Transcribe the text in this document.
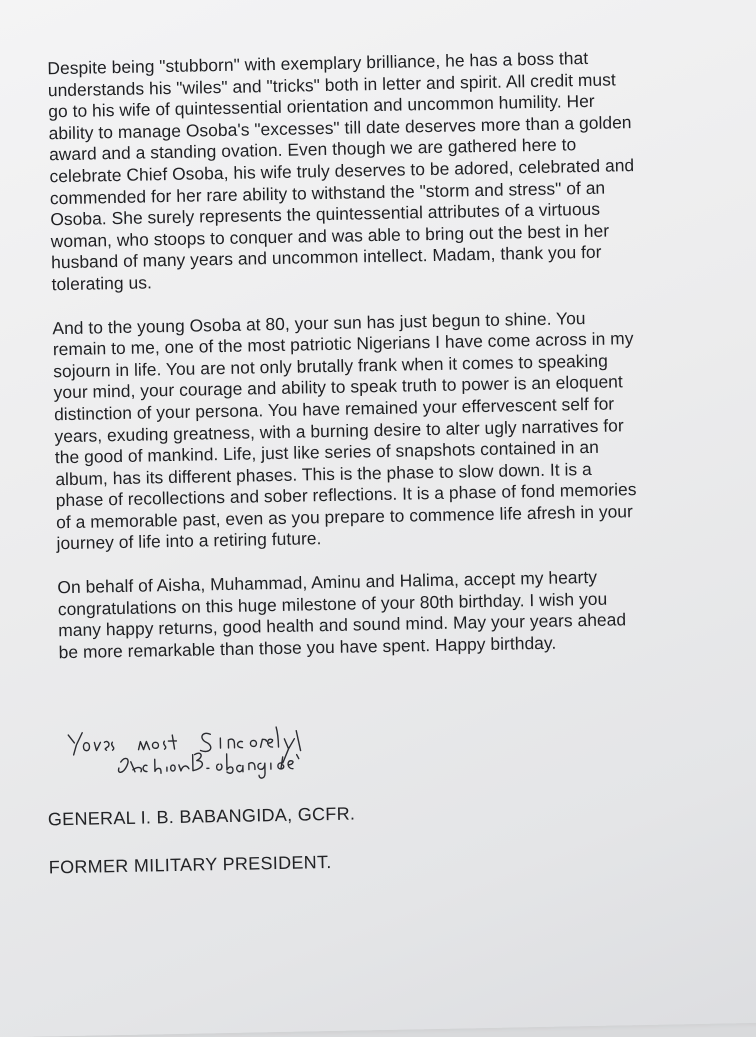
Despite being "stubborn" with exemplary brilliance, he has a boss that
understands his "wiles" and "tricks" both in letter and spirit. All credit must
go to his wife of quintessential orientation and uncommon humility. Her
ability to manage Osoba's "excesses" till date deserves more than a golden
award and a standing ovation. Even though we are gathered here to
celebrate Chief Osoba, his wife truly deserves to be adored, celebrated and
commended for her rare ability to withstand the "storm and stress" of an
Osoba. She surely represents the quintessential attributes of a virtuous
woman, who stoops to conquer and was able to bring out the best in her
husband of many years and uncommon intellect. Madam, thank you for
tolerating us.

And to the young Osoba at 80, your sun has just begun to shine. You
remain to me, one of the most patriotic Nigerians I have come across in my
sojourn in life. You are not only brutally frank when it comes to speaking
your mind, your courage and ability to speak truth to power is an eloquent
distinction of your persona. You have remained your effervescent self for
years, exuding greatness, with a burning desire to alter ugly narratives for
the good of mankind. Life, just like series of snapshots contained in an
album, has its different phases. This is the phase to slow down. It is a
phase of recollections and sober reflections. It is a phase of fond memories
of a memorable past, even as you prepare to commence life afresh in your
journey of life into a retiring future.

On behalf of Aisha, Muhammad, Aminu and Halima, accept my hearty
congratulations on this huge milestone of your 80th birthday. I wish you
many happy returns, good health and sound mind. May your years ahead
be more remarkable than those you have spent. Happy birthday.

GENERAL I. B. BABANGIDA, GCFR.

FORMER MILITARY PRESIDENT.
